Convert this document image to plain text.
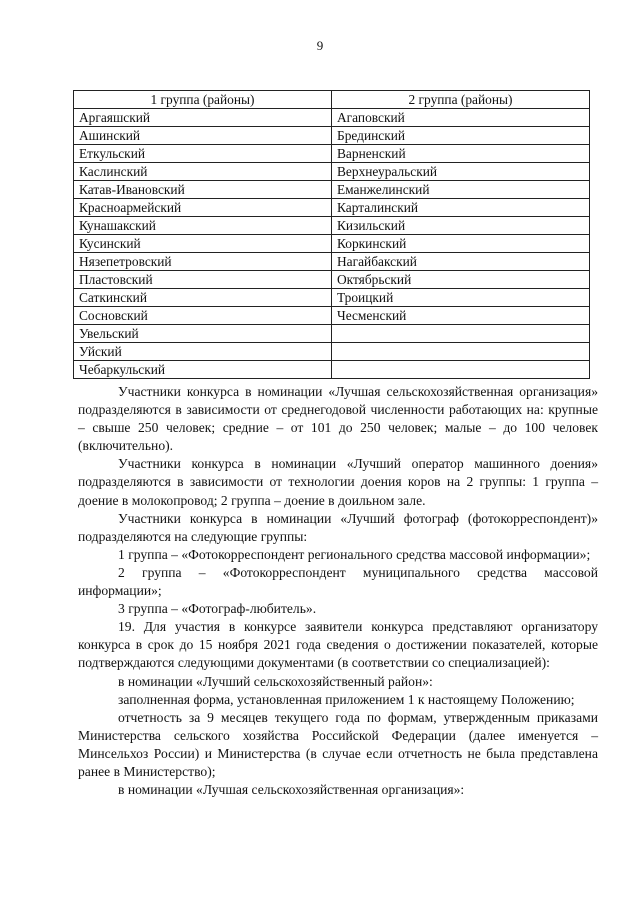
9
1 группа (районы)	2 группа (районы)
Аргаяшский	Агаповский
Ашинский	Брединский
Еткульский	Варненский
Каслинский	Верхнеуральский
Катав-Ивановский	Еманжелинский
Красноармейский	Карталинский
Кунашакский	Кизильский
Кусинский	Коркинский
Нязепетровский	Нагайбакский
Пластовский	Октябрьский
Саткинский	Троицкий
Сосновский	Чесменский
Увельский	
Уйский	
Чебаркульский	

Участники конкурса в номинации «Лучшая сельскохозяйственная организация» подразделяются в зависимости от среднегодовой численности работающих на: крупные – свыше 250 человек; средние – от 101 до 250 человек; малые – до 100 человек (включительно).

Участники конкурса в номинации «Лучший оператор машинного доения» подразделяются в зависимости от технологии доения коров на 2 группы: 1 группа – доение в молокопровод; 2 группа – доение в доильном зале.

Участники конкурса в номинации «Лучший фотограф (фотокорреспондент)» подразделяются на следующие группы:

1 группа – «Фотокорреспондент регионального средства массовой информации»;

2 группа – «Фотокорреспондент муниципального средства массовой информации»;

3 группа – «Фотограф-любитель».

19. Для участия в конкурсе заявители конкурса представляют организатору конкурса в срок до 15 ноября 2021 года сведения о достижении показателей, которые подтверждаются следующими документами (в соответствии со специализацией):

в номинации «Лучший сельскохозяйственный район»:

заполненная форма, установленная приложением 1 к настоящему Положению;

отчетность за 9 месяцев текущего года по формам, утвержденным приказами Министерства сельского хозяйства Российской Федерации (далее именуется – Минсельхоз России) и Министерства (в случае если отчетность не была представлена ранее в Министерство);

в номинации «Лучшая сельскохозяйственная организация»:
